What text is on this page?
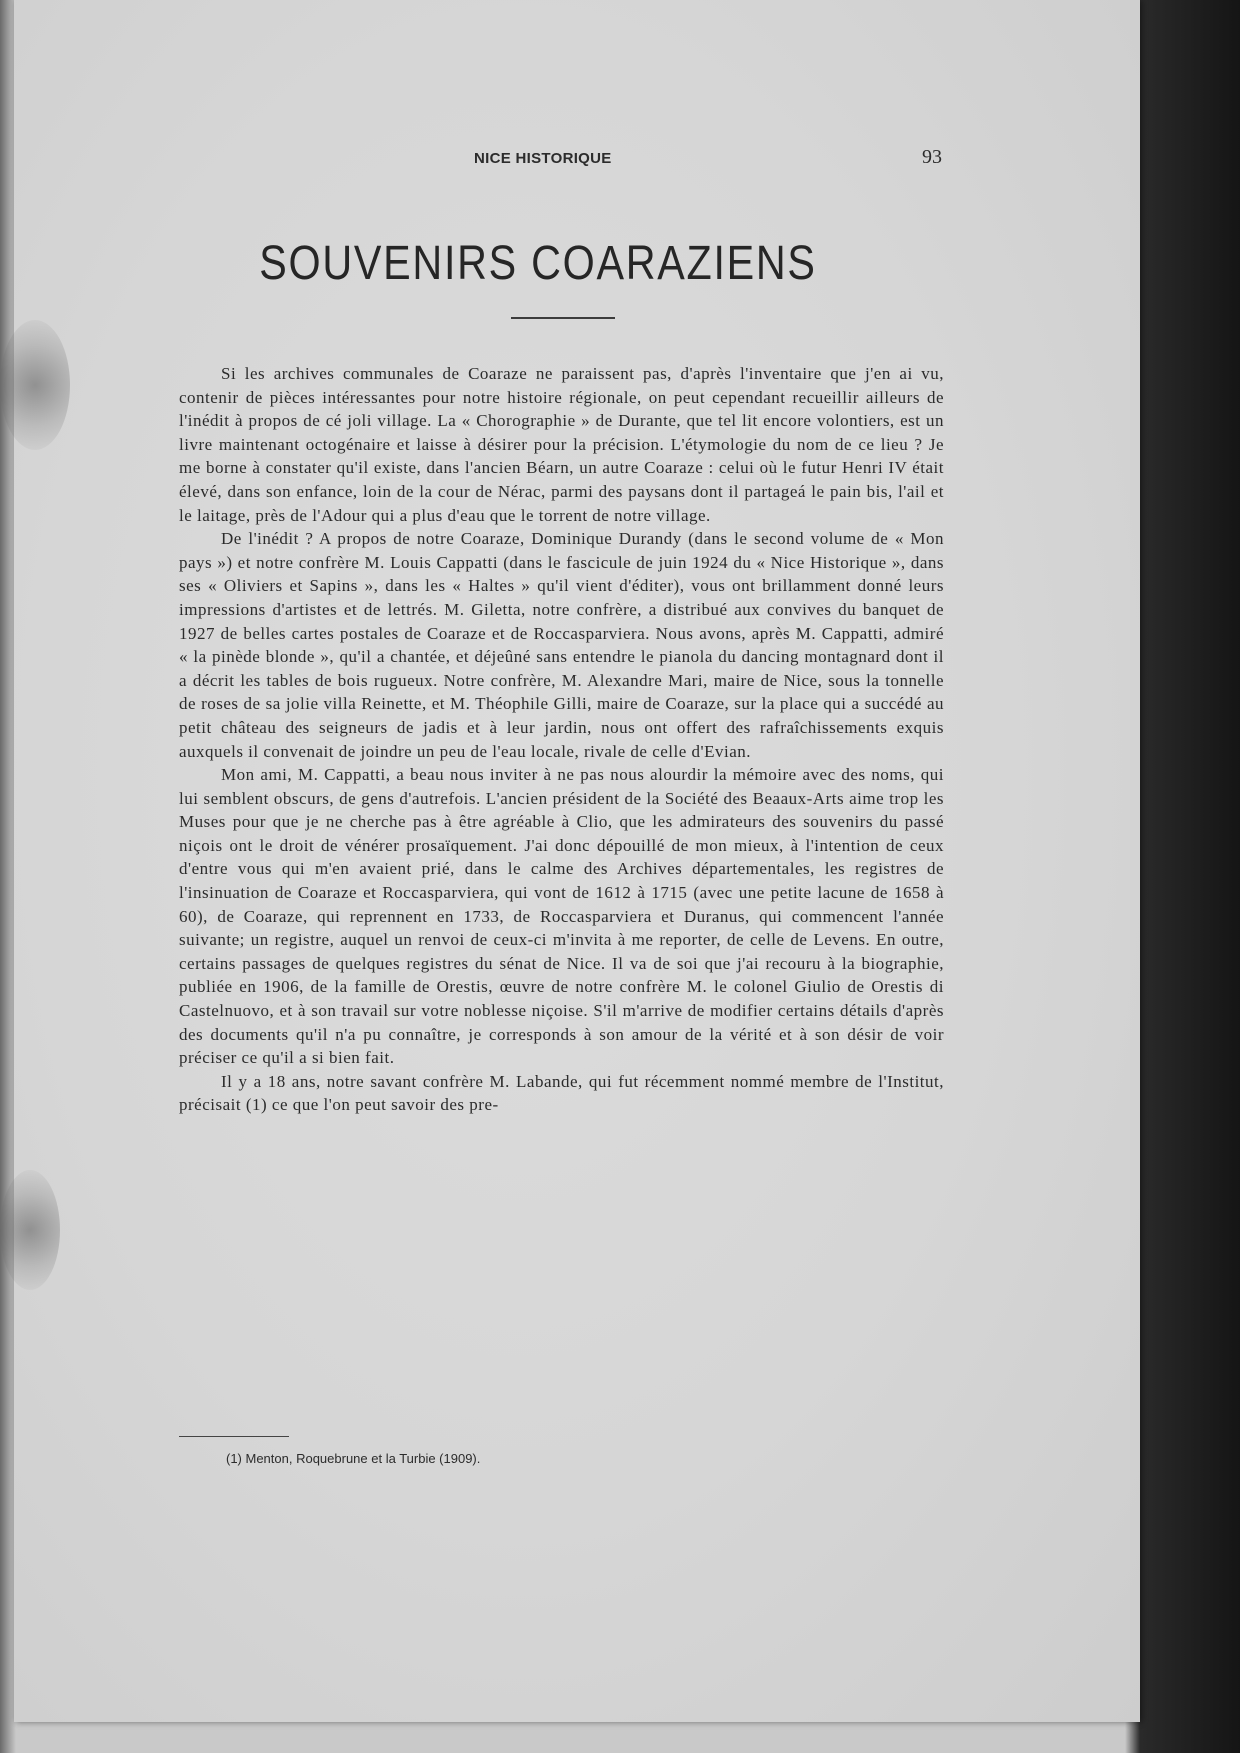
NICE HISTORIQUE	93
SOUVENIRS COARAZIENS

Si les archives communales de Coaraze ne paraissent pas, d'après l'inventaire que j'en ai vu, contenir de pièces intéressantes pour notre histoire régionale, on peut cependant recueillir ailleurs de l'inédit à propos de cé joli village. La « Chorographie » de Durante, que tel lit encore volontiers, est un livre maintenant octogénaire et laisse à désirer pour la précision. L'étymologie du nom de ce lieu ? Je me borne à constater qu'il existe, dans l'ancien Béarn, un autre Coaraze : celui où le futur Henri IV était élevé, dans son enfance, loin de la cour de Nérac, parmi des paysans dont il partageá le pain bis, l'ail et le laitage, près de l'Adour qui a plus d'eau que le torrent de notre village.

De l'inédit ? A propos de notre Coaraze, Dominique Durandy (dans le second volume de « Mon pays ») et notre confrère M. Louis Cappatti (dans le fascicule de juin 1924 du « Nice Historique », dans ses « Oliviers et Sapins », dans les « Haltes » qu'il vient d'éditer), vous ont brillamment donné leurs impressions d'artistes et de lettrés. M. Giletta, notre confrère, a distribué aux convives du banquet de 1927 de belles cartes postales de Coaraze et de Roccasparviera. Nous avons, après M. Cappatti, admiré « la pinède blonde », qu'il a chantée, et déjeûné sans entendre le pianola du dancing montagnard dont il a décrit les tables de bois rugueux. Notre confrère, M. Alexandre Mari, maire de Nice, sous la tonnelle de roses de sa jolie villa Reinette, et M. Théophile Gilli, maire de Coaraze, sur la place qui a succédé au petit château des seigneurs de jadis et à leur jardin, nous ont offert des rafraîchissements exquis auxquels il convenait de joindre un peu de l'eau locale, rivale de celle d'Evian.

Mon ami, M. Cappatti, a beau nous inviter à ne pas nous alourdir la mémoire avec des noms, qui lui semblent obscurs, de gens d'autrefois. L'ancien président de la Société des Beaaux-Arts aime trop les Muses pour que je ne cherche pas à être agréable à Clio, que les admirateurs des souvenirs du passé niçois ont le droit de vénérer prosaïquement. J'ai donc dépouillé de mon mieux, à l'intention de ceux d'entre vous qui m'en avaient prié, dans le calme des Archives départementales, les registres de l'insinuation de Coaraze et Roccasparviera, qui vont de 1612 à 1715 (avec une petite lacune de 1658 à 60), de Coaraze, qui reprennent en 1733, de Roccasparviera et Duranus, qui commencent l'année suivante; un registre, auquel un renvoi de ceux-ci m'invita à me reporter, de celle de Levens. En outre, certains passages de quelques registres du sénat de Nice. Il va de soi que j'ai recouru à la biographie, publiée en 1906, de la famille de Orestis, œuvre de notre confrère M. le colonel Giulio de Orestis di Castelnuovo, et à son travail sur votre noblesse niçoise. S'il m'arrive de modifier certains détails d'après des documents qu'il n'a pu connaître, je corresponds à son amour de la vérité et à son désir de voir préciser ce qu'il a si bien fait.

Il y a 18 ans, notre savant confrère M. Labande, qui fut récemment nommé membre de l'Institut, précisait (1) ce que l'on peut savoir des pre-

(1) Menton, Roquebrune et la Turbie (1909).
